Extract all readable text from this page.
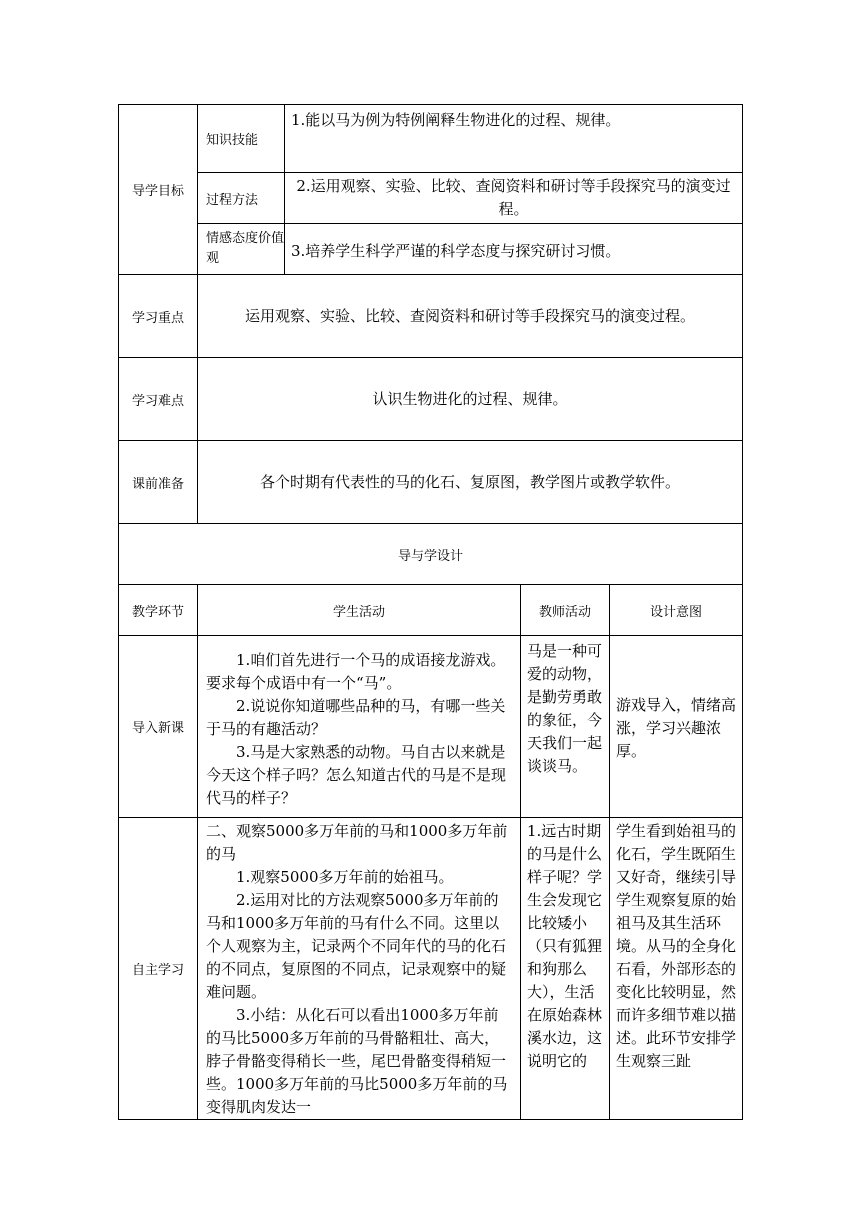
导学目标	知识技能	1.能以马为例为特例阐释生物进化的过程、规律。		
	过程方法	2.运用观察、实验、比较、查阅资料和研讨等手段探究马的演变过程。		
	情感态度价值观	3.培养学生科学严谨的科学态度与探究研讨习惯。		
学习重点	运用观察、实验、比较、查阅资料和研讨等手段探究马的演变过程。			
学习难点	认识生物进化的过程、规律。			
课前准备	各个时期有代表性的马的化石、复原图，教学图片或教学软件。			
导与学设计				
教学环节	学生活动		教师活动	设计意图
导入新课	1.咱们首先进行一个马的成语接龙游戏。要求每个成语中有一个“马”。

2.说说你知道哪些品种的马，有哪一些关于马的有趣活动？

3.马是大家熟悉的动物。马自古以来就是今天这个样子吗？怎么知道古代的马是不是现代马的样子？		马是一种可爱的动物，是勤劳勇敢的象征，今天我们一起谈谈马。	游戏导入，情绪高涨，学习兴趣浓厚。
自主学习	二、观察5000多万年前的马和1000多万年前的马

1.观察5000多万年前的始祖马。

2.运用对比的方法观察5000多万年前的马和1000多万年前的马有什么不同。这里以个人观察为主，记录两个不同年代的马的化石的不同点，复原图的不同点，记录观察中的疑难问题。

3.小结：从化石可以看出1000多万年前的马比5000多万年前的马骨骼粗壮、高大，脖子骨骼变得稍长一些，尾巴骨骼变得稍短一些。1000多万年前的马比5000多万年前的马变得肌肉发达一		1.远古时期的马是什么样子呢？学生会发现它比较矮小（只有狐狸和狗那么大），生活在原始森林溪水边，这说明它的	学生看到始祖马的化石，学生既陌生又好奇，继续引导学生观察复原的始祖马及其生活环境。从马的全身化石看，外部形态的变化比较明显，然而许多细节难以描述。此环节安排学生观察三趾
